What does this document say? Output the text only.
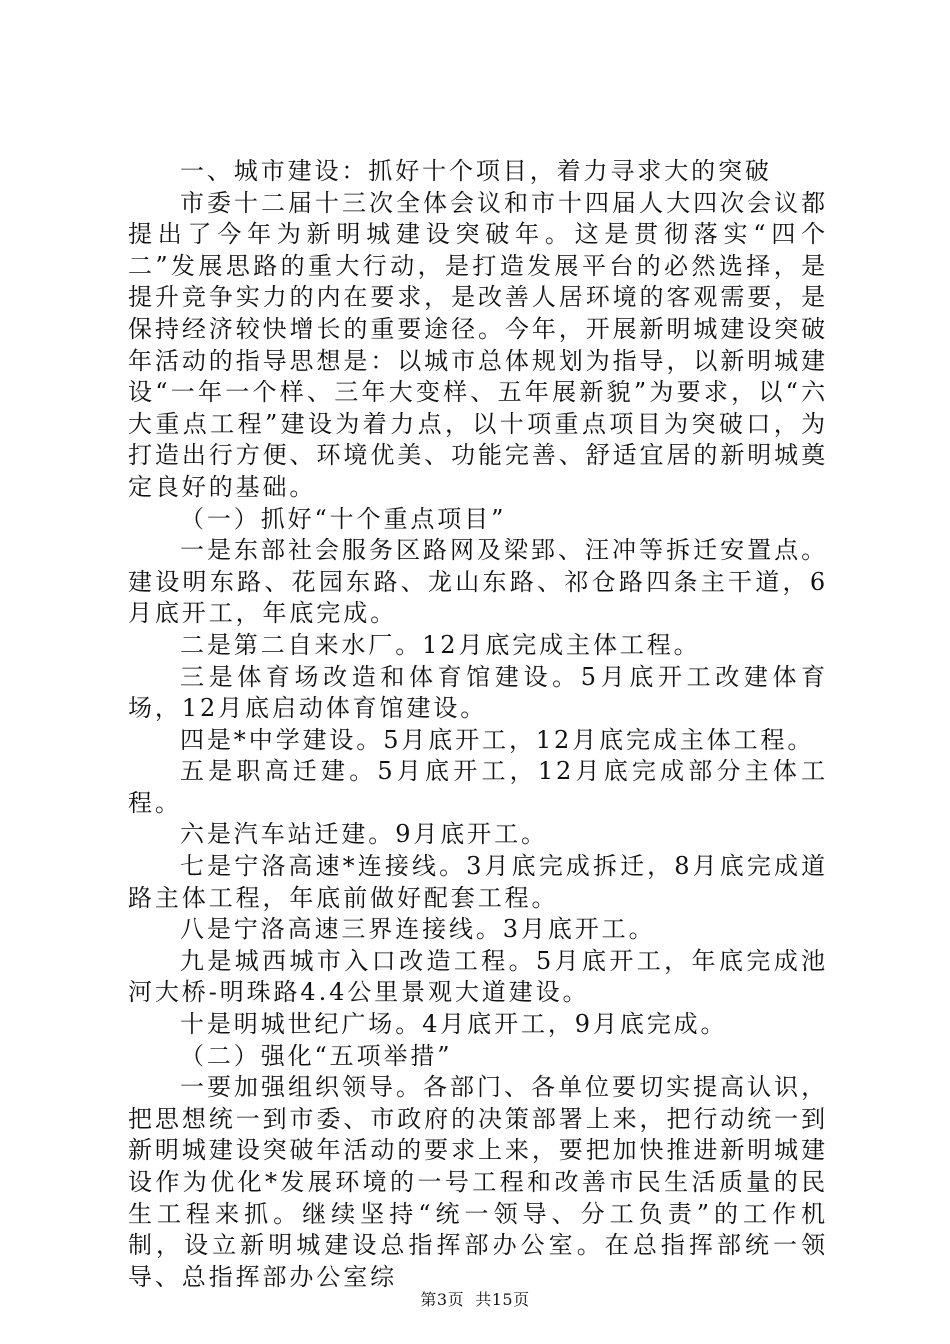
一、城市建设：抓好十个项目，着力寻求大的突破

市委十二届十三次全体会议和市十四届人大四次会议都提出了今年为新明城建设突破年。这是贯彻落实“四个二”发展思路的重大行动，是打造发展平台的必然选择，是提升竞争实力的内在要求，是改善人居环境的客观需要，是保持经济较快增长的重要途径。今年，开展新明城建设突破年活动的指导思想是：以城市总体规划为指导，以新明城建设“一年一个样、三年大变样、五年展新貌”为要求，以“六大重点工程”建设为着力点，以十项重点项目为突破口，为打造出行方便、环境优美、功能完善、舒适宜居的新明城奠定良好的基础。

（一）抓好“十个重点项目”

一是东部社会服务区路网及梁郢、汪冲等拆迁安置点。建设明东路、花园东路、龙山东路、祁仓路四条主干道，6月底开工，年底完成。

二是第二自来水厂。12月底完成主体工程。

三是体育场改造和体育馆建设。5月底开工改建体育场，12月底启动体育馆建设。

四是*中学建设。5月底开工，12月底完成主体工程。

五是职高迁建。5月底开工，12月底完成部分主体工程。

六是汽车站迁建。9月底开工。

七是宁洛高速*连接线。3月底完成拆迁，8月底完成道路主体工程，年底前做好配套工程。

八是宁洛高速三界连接线。3月底开工。

九是城西城市入口改造工程。5月底开工，年底完成池河大桥-明珠路4.4公里景观大道建设。

十是明城世纪广场。4月底开工，9月底完成。

（二）强化“五项举措”

一要加强组织领导。各部门、各单位要切实提高认识，把思想统一到市委、市政府的决策部署上来，把行动统一到新明城建设突破年活动的要求上来，要把加快推进新明城建设作为优化*发展环境的一号工程和改善市民生活质量的民生工程来抓。继续坚持“统一领导、分工负责”的工作机制，设立新明城建设总指挥部办公室。在总指挥部统一领导、总指挥部办公室综

第3页  共15页
